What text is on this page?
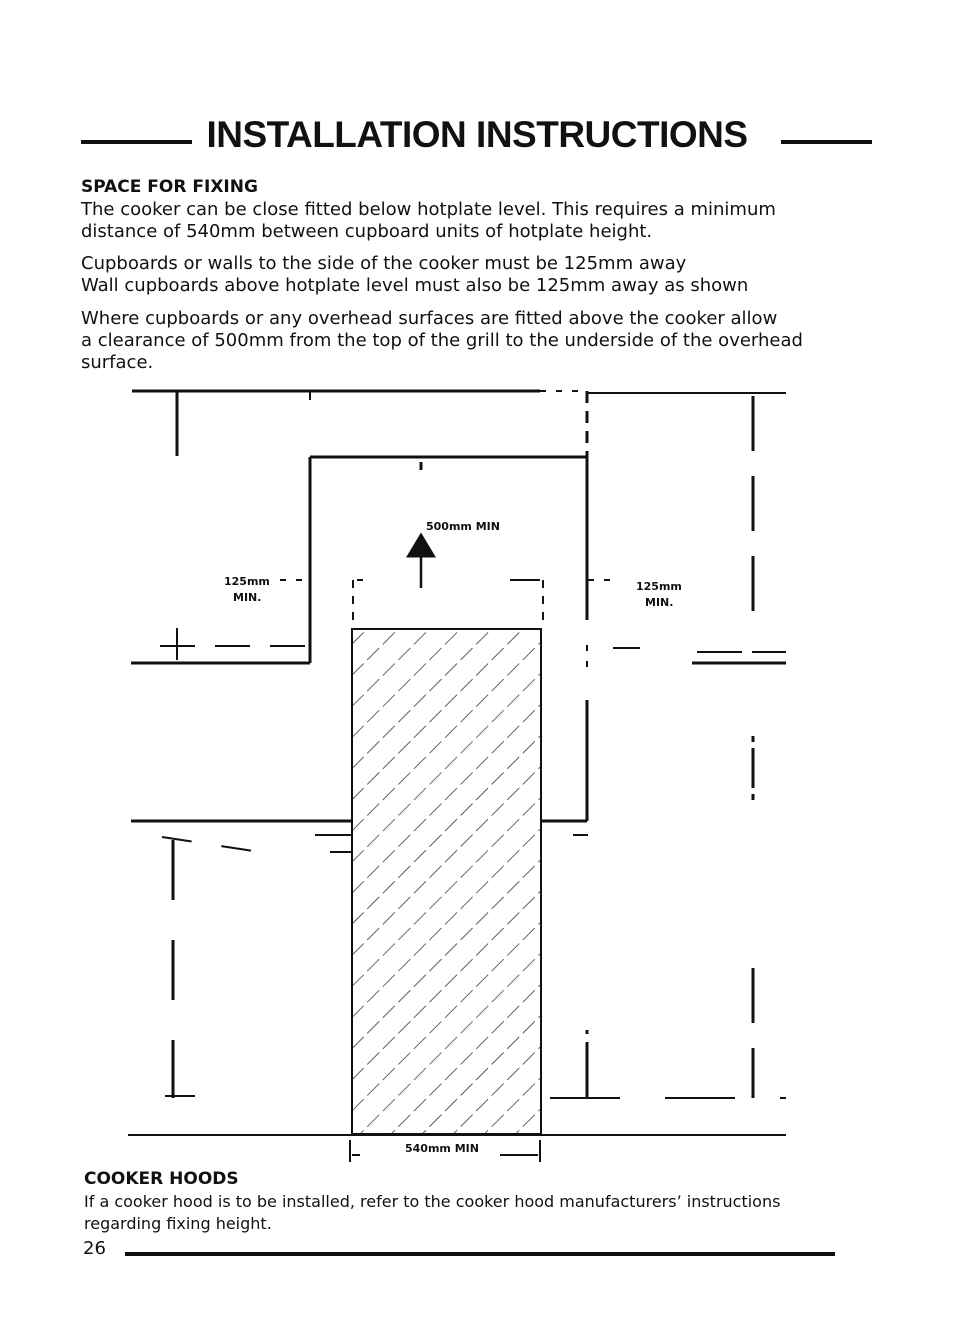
INSTALLATION INSTRUCTIONS
SPACE FOR FIXING

The cooker can be close fitted below hotplate level. This requires a minimum
distance of 540mm between cupboard units of hotplate height.

Cupboards or walls to the side of the cooker must be 125mm away
Wall cupboards above hotplate level must also be 125mm away as shown

Where cupboards or any overhead surfaces are fitted above the cooker allow
a clearance of 500mm from the top of the grill to the underside of the overhead
surface.

500mm MIN
125mm
MIN.
125mm
MIN.
540mm MIN
COOKER HOODS

If a cooker hood is to be installed, refer to the cooker hood manufacturers’ instructions regarding fixing height.

26
